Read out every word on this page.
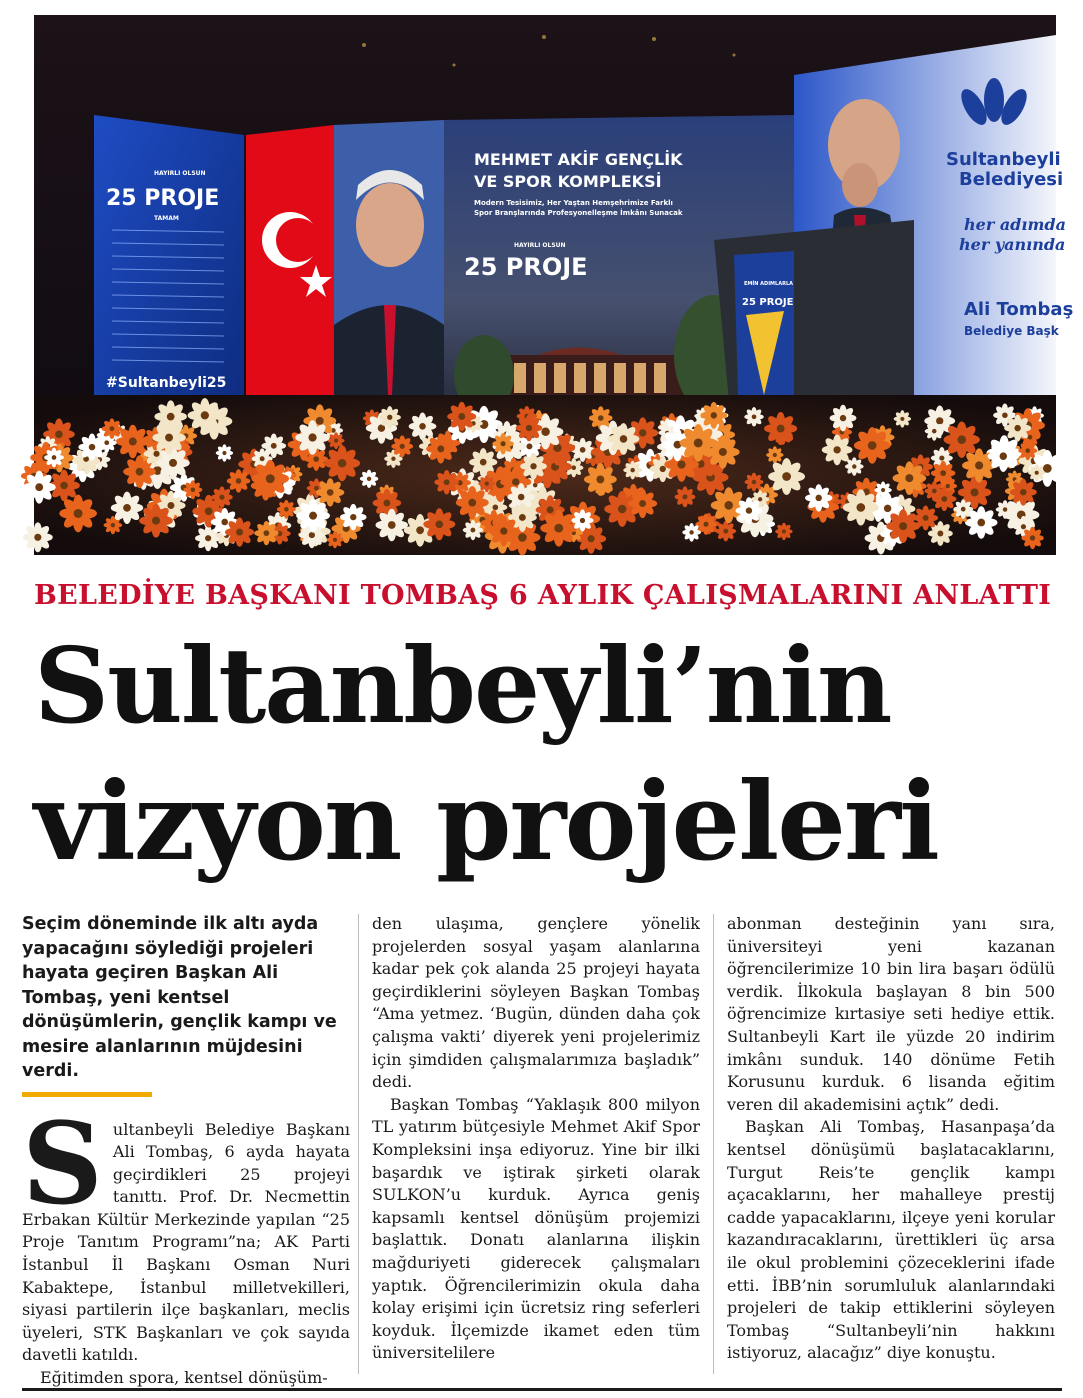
HAYIRLI OLSUN
25 PROJE
TAMAM
#Sultanbeyli25
MEHMET AKİF GENÇLİK
VE SPOR KOMPLEKSİ
Modern Tesisimiz, Her Yaştan Hemşehrimize Farklı
Spor Branşlarında Profesyonelleşme İmkânı Sunacak
HAYIRLI OLSUN
25 PROJE
Sultanbeyli
Belediyesi
her adımda
her yanında
Ali Tombaş
Belediye Başk
EMİN ADIMLARLA
25 PROJE
BELEDİYE BAŞKANI TOMBAŞ 6 AYLIK ÇALIŞMALARINI ANLATTI
Sultanbeyli’nin
vizyon projeleri

Seçim döneminde ilk altı ayda yapacağını söylediği projeleri hayata geçiren Başkan Ali Tombaş, yeni kentsel dönüşümlerin, gençlik kampı ve mesire alanlarının müjdesini verdi.

Sultanbeyli Belediye Başkanı Ali Tombaş, 6 ayda hayata geçirdikleri 25 projeyi tanıttı. Prof. Dr. Necmettin Erbakan Kültür Merkezinde yapılan “25 Proje Tanıtım Programı”na; AK Parti İstanbul İl Başkanı Osman Nuri Kabaktepe, İstanbul milletvekilleri, siyasi partilerin ilçe başkanları, meclis üyeleri, STK Başkanları ve çok sayıda davetli katıldı.

Eğitimden spora, kentsel dönüşüm-

den ulaşıma, gençlere yönelik projelerden sosyal yaşam alanlarına kadar pek çok alanda 25 projeyi hayata geçirdiklerini söyleyen Başkan Tombaş “Ama yetmez. ‘Bugün, dünden daha çok çalışma vakti’ diyerek yeni projelerimiz için şimdiden çalışmalarımıza başladık” dedi.

Başkan Tombaş “Yaklaşık 800 milyon TL yatırım bütçesiyle Mehmet Akif Spor Kompleksini inşa ediyoruz. Yine bir ilki başardık ve iştirak şirketi olarak SULKON’u kurduk. Ayrıca geniş kapsamlı kentsel dönüşüm projemizi başlattık. Donatı alanlarına ilişkin mağduriyeti giderecek çalışmaları yaptık. Öğrencilerimizin okula daha kolay erişimi için ücretsiz ring seferleri koyduk. İlçemizde ikamet eden tüm üniversitelilere

abonman desteğinin yanı sıra, üniversiteyi yeni kazanan öğrencilerimize 10 bin lira başarı ödülü verdik. İlkokula başlayan 8 bin 500 öğrencimize kırtasiye seti hediye ettik. Sultanbeyli Kart ile yüzde 20 indirim imkânı sunduk. 140 dönüme Fetih Korusunu kurduk. 6 lisanda eğitim veren dil akademisini açtık” dedi.

Başkan Ali Tombaş, Hasanpaşa’da kentsel dönüşümü başlatacaklarını, Turgut Reis’te gençlik kampı açacaklarını, her mahalleye prestij cadde yapacaklarını, ilçeye yeni korular kazandıracaklarını, ürettikleri üç arsa ile okul problemini çözeceklerini ifade etti. İBB’nin sorumluluk alanlarındaki projeleri de takip ettiklerini söyleyen Tombaş “Sultanbeyli’nin hakkını istiyoruz, alacağız” diye konuştu.
